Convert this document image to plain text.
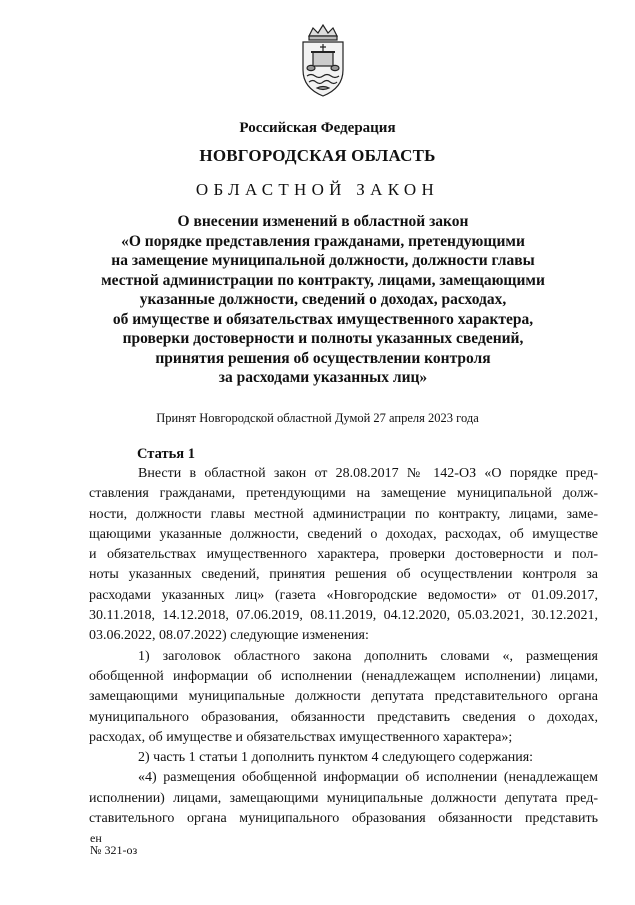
Российская Федерация
НОВГОРОДСКАЯ ОБЛАСТЬ
ОБЛАСТНОЙ ЗАКОН
О внесении изменений в областной закон
«О порядке представления гражданами, претендующими
на замещение муниципальной должности, должности главы
местной администрации по контракту, лицами, замещающими
указанные должности, сведений о доходах, расходах,
об имуществе и обязательствах имущественного характера,
проверки достоверности и полноты указанных сведений,
принятия решения об осуществлении контроля
за расходами указанных лиц»
Принят Новгородской областной Думой 27 апреля 2023 года
Статья 1
Внести в областной закон от 28.08.2017 № 142-ОЗ «О порядке пред-
ставления гражданами, претендующими на замещение муниципальной долж-
ности, должности главы местной администрации по контракту, лицами, заме-
щающими указанные должности, сведений о доходах, расходах, об имуществе
и обязательствах имущественного характера, проверки достоверности и пол-
ноты указанных сведений, принятия решения об осуществлении контроля за
расходами указанных лиц» (газета «Новгородские ведомости» от 01.09.2017,
30.11.2018, 14.12.2018, 07.06.2019, 08.11.2019, 04.12.2020, 05.03.2021, 30.12.2021,
03.06.2022, 08.07.2022) следующие изменения:
1) заголовок областного закона дополнить словами «, размещения
обобщенной информации об исполнении (ненадлежащем исполнении) лицами,
замещающими муниципальные должности депутата представительного органа
муниципального образования, обязанности представить сведения о доходах,
расходах, об имуществе и обязательствах имущественного характера»;
2) часть 1 статьи 1 дополнить пунктом 4 следующего содержания:
«4) размещения обобщенной информации об исполнении (ненадлежащем
исполнении) лицами, замещающими муниципальные должности депутата пред-
ставительного органа муниципального образования обязанности представить
ен
№ 321-оз
